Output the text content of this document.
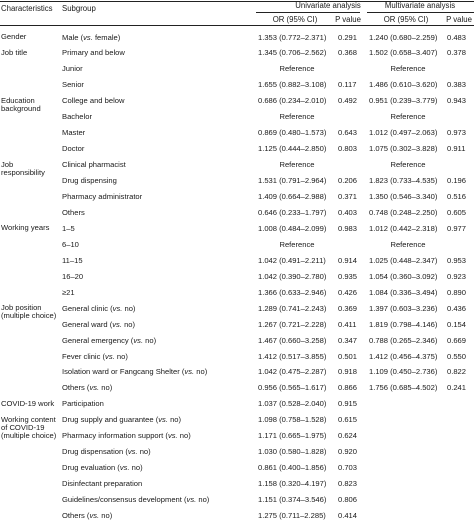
Characteristics Subgroup	Univariate analysis	Multivariate analysis
OR (95% CI)	P value	OR (95% CI)	P value
Gender	Male (vs. female)	1.353 (0.772–2.371) 0.291 1.240 (0.680–2.259) 0.483
Job title	Primary and below	1.345 (0.706–2.562) 0.368 1.502 (0.658–3.407) 0.378
Junior	Reference	Reference
Senior	1.655 (0.882–3.108) 0.117 1.486 (0.610–3.620) 0.383
Education background
College and below	0.686 (0.234–2.010) 0.492 0.951 (0.239–3.779) 0.943
Bachelor	Reference	Reference
Master	0.869 (0.480–1.573) 0.643 1.012 (0.497–2.063) 0.973
Doctor	1.125 (0.444–2.850) 0.803 1.075 (0.302–3.828) 0.911
Job responsibility
Clinical pharmacist	Reference	Reference
Drug dispensing	1.531 (0.791–2.964) 0.206 1.823 (0.733–4.535) 0.196
Pharmacy administrator	1.409 (0.664–2.988) 0.371 1.350 (0.546–3.340) 0.516
Others	0.646 (0.233–1.797) 0.403 0.748 (0.248–2.250) 0.605
Working years	1–5	1.008 (0.484–2.099) 0.983 1.012 (0.442–2.318) 0.977
6–10	Reference	Reference
11–15	1.042 (0.491–2.211) 0.914 1.025 (0.448–2.347) 0.953
16–20	1.042 (0.390–2.780) 0.935 1.054 (0.360–3.092) 0.923
≥21	1.366 (0.633–2.946) 0.426 1.084 (0.336–3.494) 0.890
Job position (multiple choice)
General clinic (vs. no)	1.289 (0.741–2.243) 0.369 1.397 (0.603–3.236) 0.436
General ward (vs. no)	1.267 (0.721–2.228) 0.411 1.819 (0.798–4.146) 0.154
General emergency (vs. no)	1.467 (0.660–3.258) 0.347 0.788 (0.265–2.346) 0.669
Fever clinic (vs. no)	1.412 (0.517–3.855) 0.501 1.412 (0.456–4.375) 0.550
Isolation ward or Fangcang Shelter (vs. no)	1.042 (0.475–2.287) 0.918 1.109 (0.450–2.736) 0.822
Others (vs. no)	0.956 (0.565–1.617) 0.866 1.756 (0.685–4.502) 0.241
COVID-19 work	Participation	1.037 (0.528–2.040) 0.915
Working content of COVID-19 (multiple choice)
Drug supply and guarantee (vs. no)	1.098 (0.758–1.528) 0.615
Pharmacy information support (vs. no)	1.171 (0.665–1.975) 0.624
Drug dispensation (vs. no)	1.030 (0.580–1.828) 0.920
Drug evaluation (vs. no)	0.861 (0.400–1.856) 0.703
Disinfectant preparation	1.158 (0.320–4.197) 0.823
Guidelines/consensus development (vs. no)	1.151 (0.374–3.546) 0.806
Others (vs. no)	1.275 (0.711–2.285) 0.414
